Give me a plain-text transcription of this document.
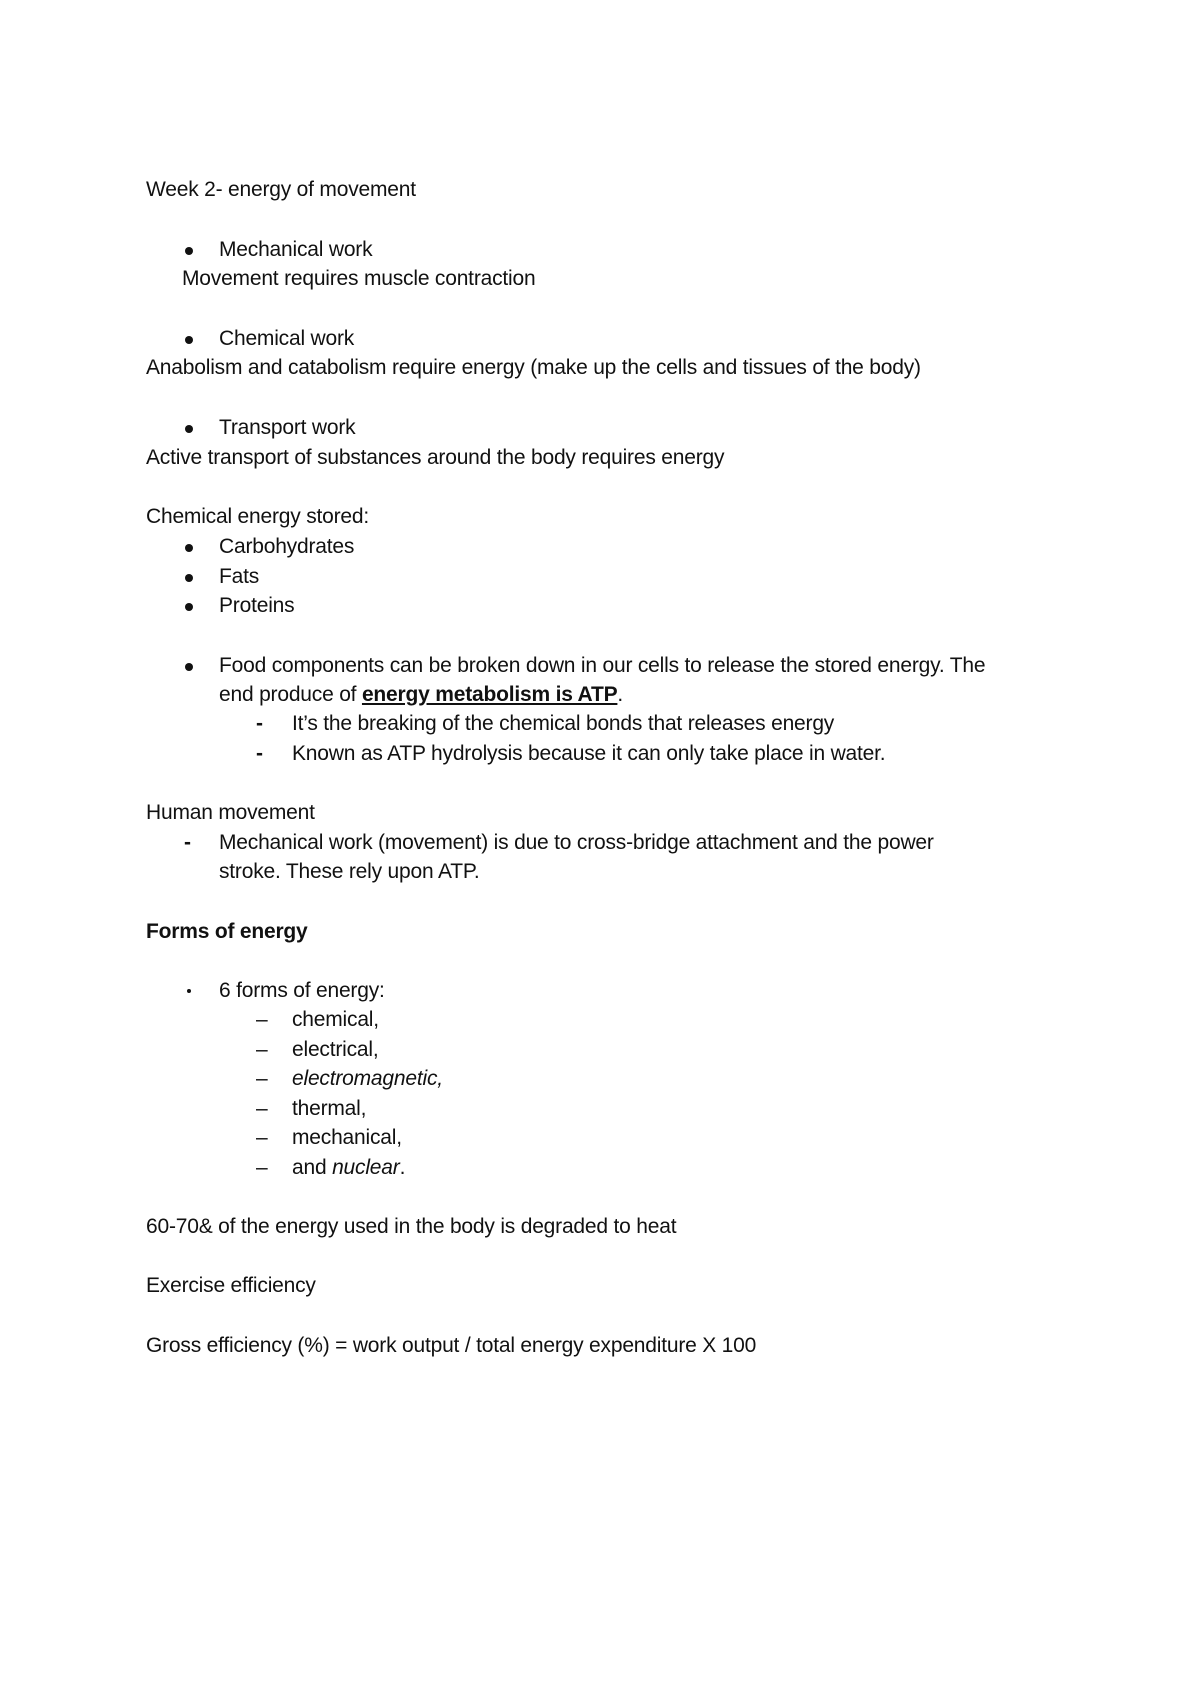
Week 2- energy of movement
Mechanical work
Movement requires muscle contraction
Chemical work
Anabolism and catabolism require energy (make up the cells and tissues of the body)
Transport work
Active transport of substances around the body requires energy
Chemical energy stored:
Carbohydrates
Fats
Proteins
Food components can be broken down in our cells to release the stored energy. The
end produce of energy metabolism is ATP.
- It’s the breaking of the chemical bonds that releases energy
- Known as ATP hydrolysis because it can only take place in water.
Human movement
- Mechanical work (movement) is due to cross-bridge attachment and the power
stroke. These rely upon ATP.
Forms of energy
6 forms of energy:
– chemical,
– electrical,
– electromagnetic,
– thermal,
– mechanical,
– and nuclear.
60-70& of the energy used in the body is degraded to heat
Exercise efficiency
Gross efficiency (%) = work output / total energy expenditure X 100
